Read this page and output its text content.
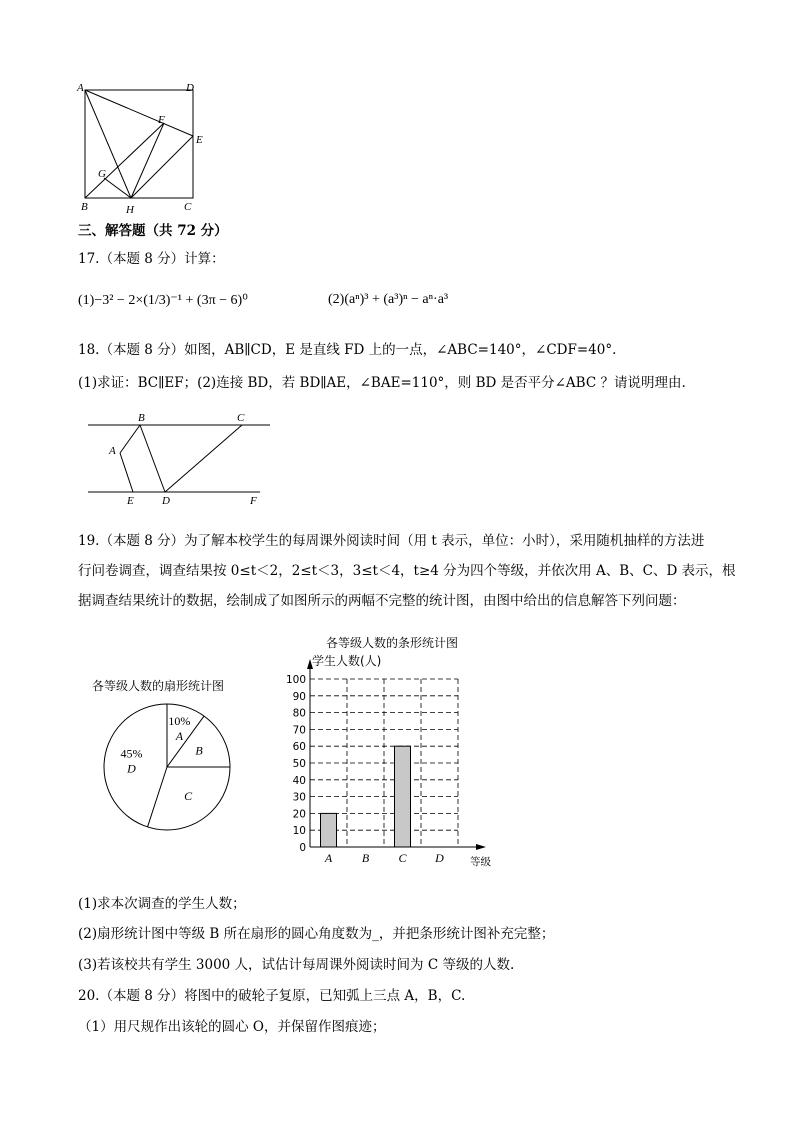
A	D
F
E
G
B	H	C
三、解答题（共 72 分）
17.（本题 8 分）计算：
(1)−3² − 2×(1/3)⁻¹ + (3π − 6)⁰	(2)(aⁿ)³ + (a³)ⁿ − aⁿ·a³
18.（本题 8 分）如图，AB∥CD，E 是直线 FD 上的一点，∠ABC=140°，∠CDF=40°.
(1)求证：BC∥EF；(2)连接 BD，若 BD∥AE，∠BAE=110°，则 BD 是否平分∠ABC ？请说明理由.
B	C
A
E	D	F
19.（本题 8 分）为了解本校学生的每周课外阅读时间（用 t 表示，单位：小时），采用随机抽样的方法进
行问卷调查，调查结果按 0≤t＜2，2≤t＜3，3≤t＜4，t≥4 分为四个等级，并依次用 A、B、C、D 表示，根
据调查结果统计的数据，绘制成了如图所示的两幅不完整的统计图，由图中给出的信息解答下列问题：
各等级人数的扇形统计图
10%
A
B
C
45%
D
各等级人数的条形统计图
学生人数(人)
0
10
20
30
40
50
60
70
80
90
100
A B C D 等级
(1)求本次调查的学生人数；
(2)扇形统计图中等级 B 所在扇形的圆心角度数为_，并把条形统计图补充完整；
(3)若该校共有学生 3000 人，试估计每周课外阅读时间为 C 等级的人数.
20.（本题 8 分）将图中的破轮子复原，已知弧上三点 A，B，C.
（1）用尺规作出该轮的圆心 O，并保留作图痕迹；
